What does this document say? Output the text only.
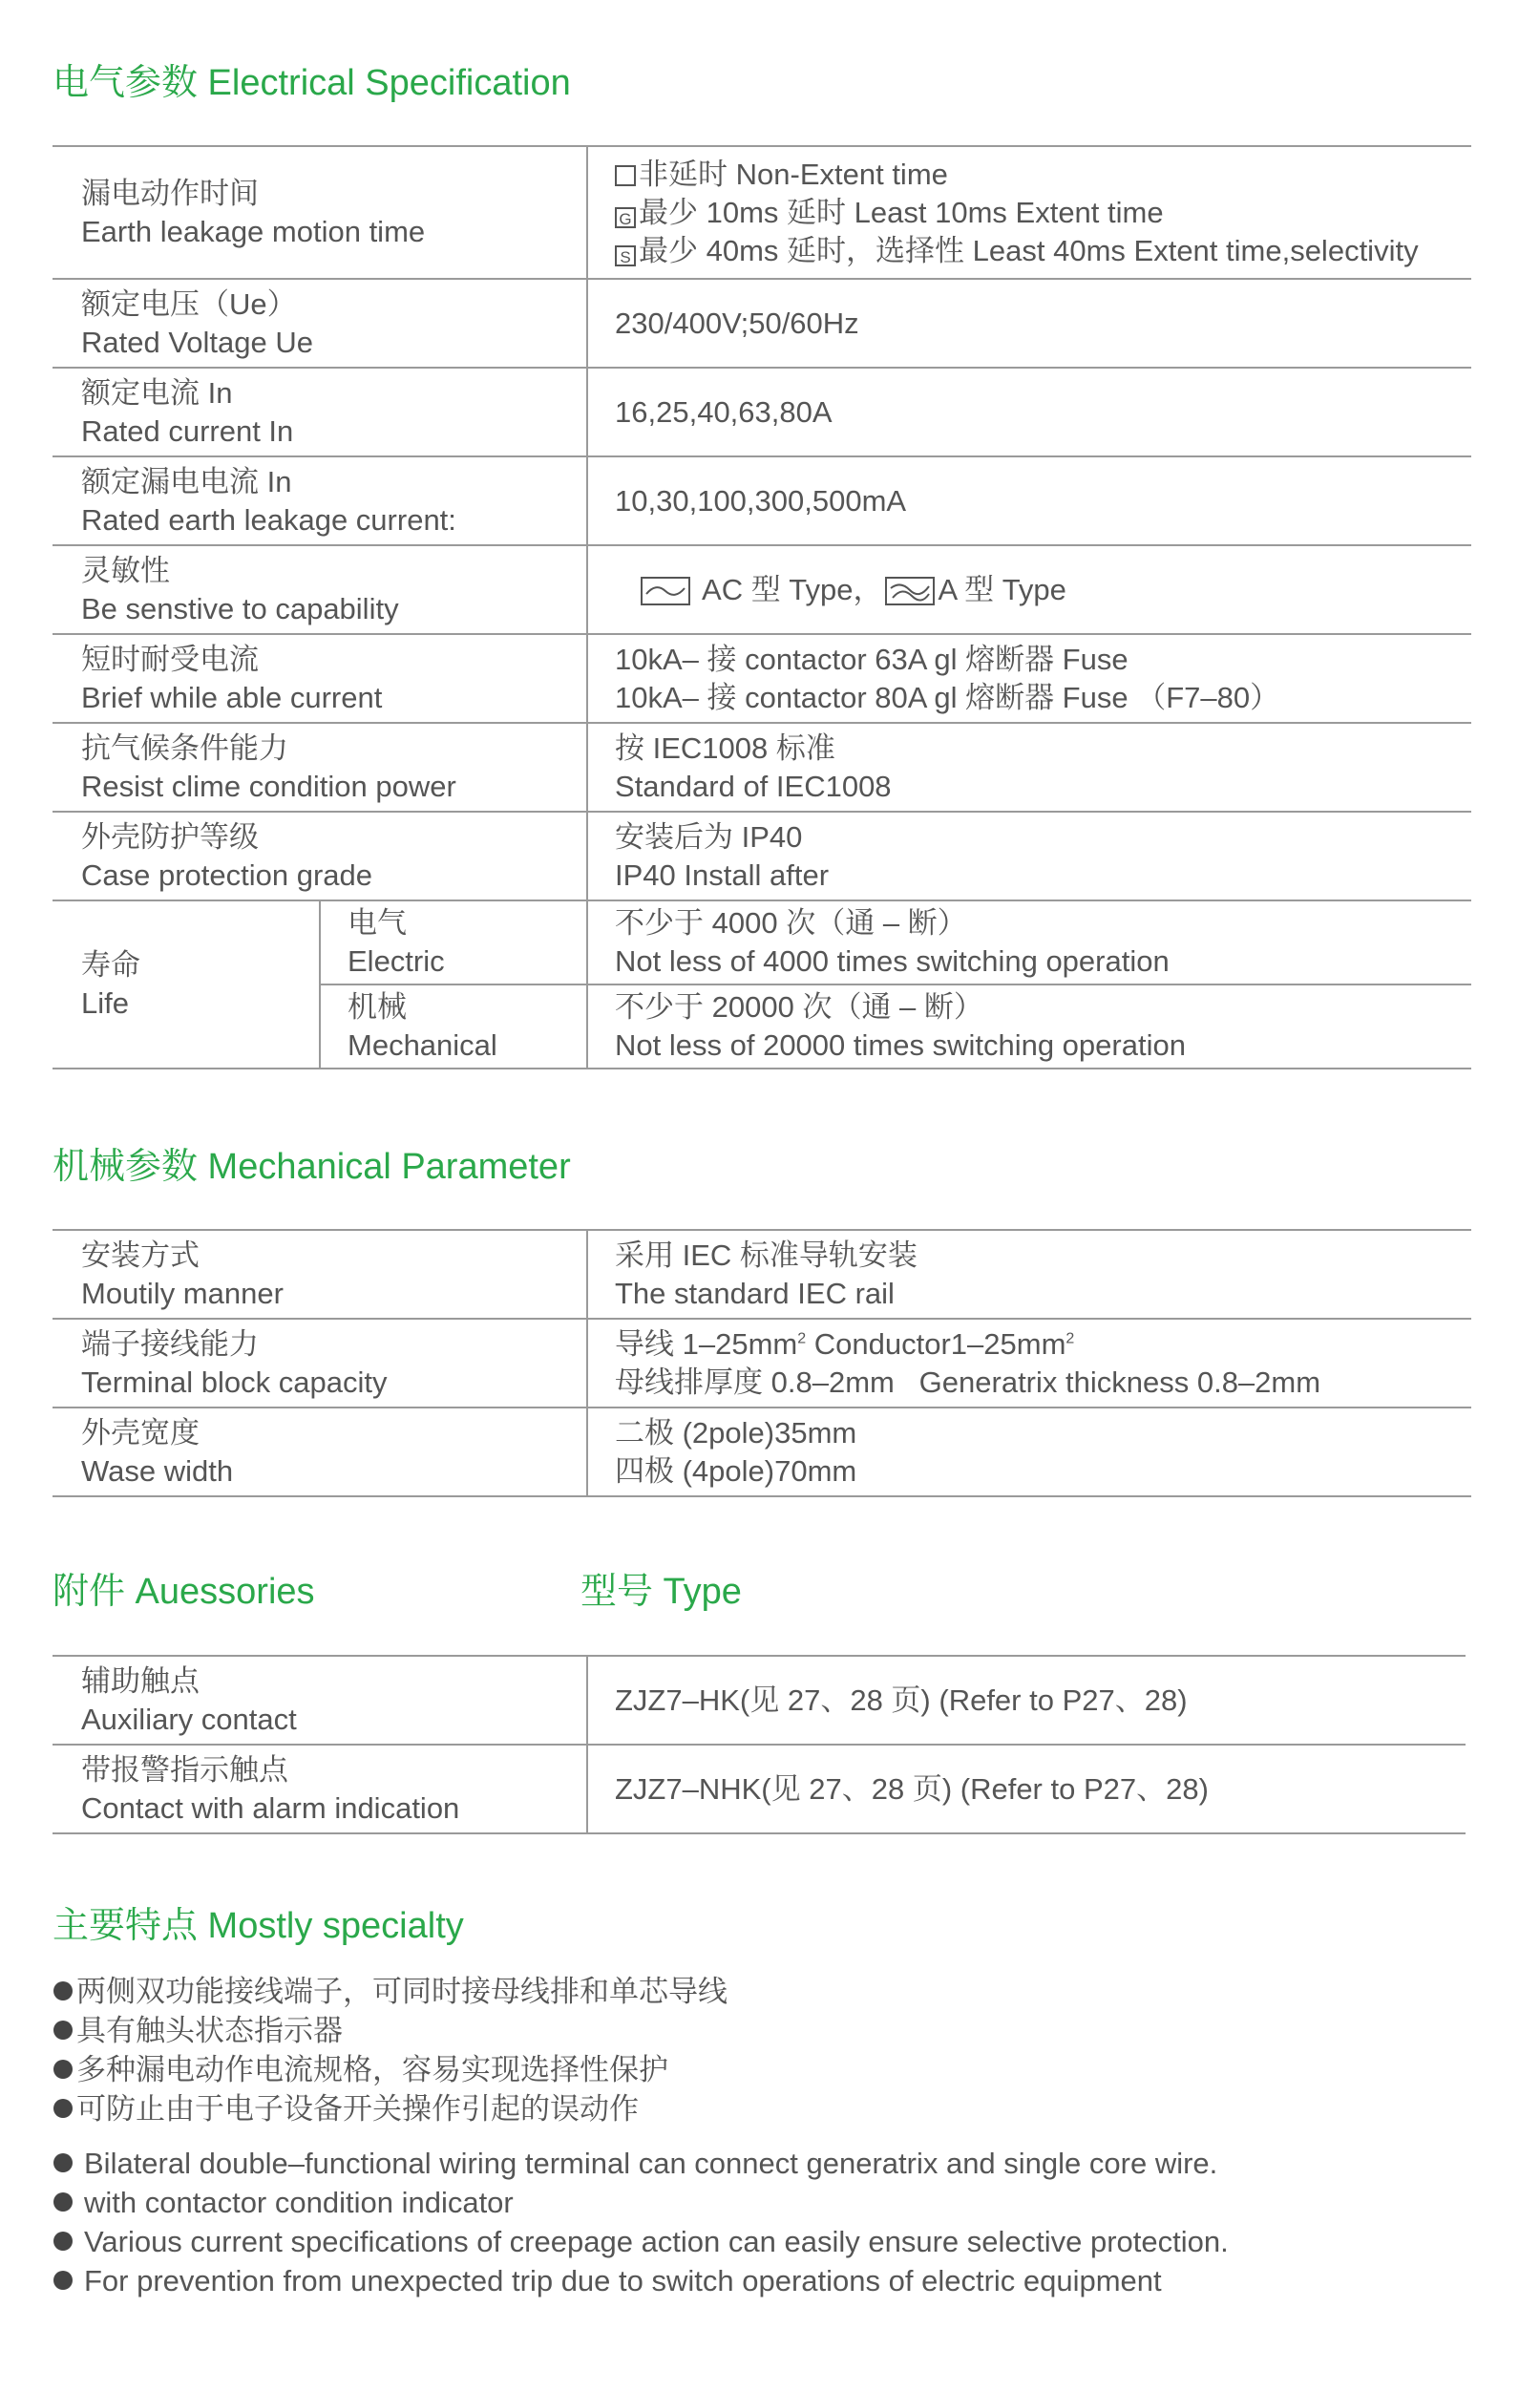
电气参数 Electrical Specification
漏电动作时间
Earth leakage motion time		非延时 Non-Extent time
G 最少 10ms 延时 Least 10ms Extent time
S 最少 40ms 延时，选择性 Least 40ms Extent time,selectivity

额定电压（Ue）
Rated Voltage Ue		230/400V;50/60Hz

额定电流 In
Rated current In		16,25,40,63,80A

额定漏电电流 In
Rated earth leakage current:		10,30,100,300,500mA

灵敏性
Be senstive to capability		AC 型 Type， A 型 Type

短时耐受电流
Brief while able current		10kA– 接 contactor 63A gl 熔断器 Fuse
10kA– 接 contactor 80A gl 熔断器 Fuse （F7–80）

抗气候条件能力
Resist clime condition power		按 IEC1008 标准
Standard of IEC1008

外壳防护等级
Case protection grade		安装后为 IP40
IP40 Install after

寿命
Life	电气
Electric	不少于 4000 次（通 – 断）
Not less of 4000 times switching operation

	机械
Mechanical	不少于 20000 次（通 – 断）
Not less of 20000 times switching operation
机械参数 Mechanical Parameter
安装方式
Moutily manner	采用 IEC 标准导轨安装
The standard IEC rail

端子接线能力
Terminal block capacity	导线 $1-25mm^2$ $Conductor1-25mm^2$
母线排厚度 0.8–2mm   Generatrix thickness 0.8–2mm

外壳宽度
Wase width	二极 (2pole)35mm
四极 (4pole)70mm
附件 Auessories	型号 Type
辅助触点
Auxiliary contact	ZJZ7–HK(见 27、28 页) (Refer to P27、28)

带报警指示触点
Contact with alarm indication	ZJZ7–NHK(见 27、28 页) (Refer to P27、28)
主要特点 Mostly specialty
两侧双功能接线端子，可同时接母线排和单芯导线
具有触头状态指示器
多种漏电动作电流规格，容易实现选择性保护
可防止由于电子设备开关操作引起的误动作
Bilateral double–functional wiring terminal can connect generatrix and single core wire.
with contactor condition indicator
Various current specifications of creepage action can easily ensure selective protection.
For prevention from unexpected trip due to switch operations of electric equipment
